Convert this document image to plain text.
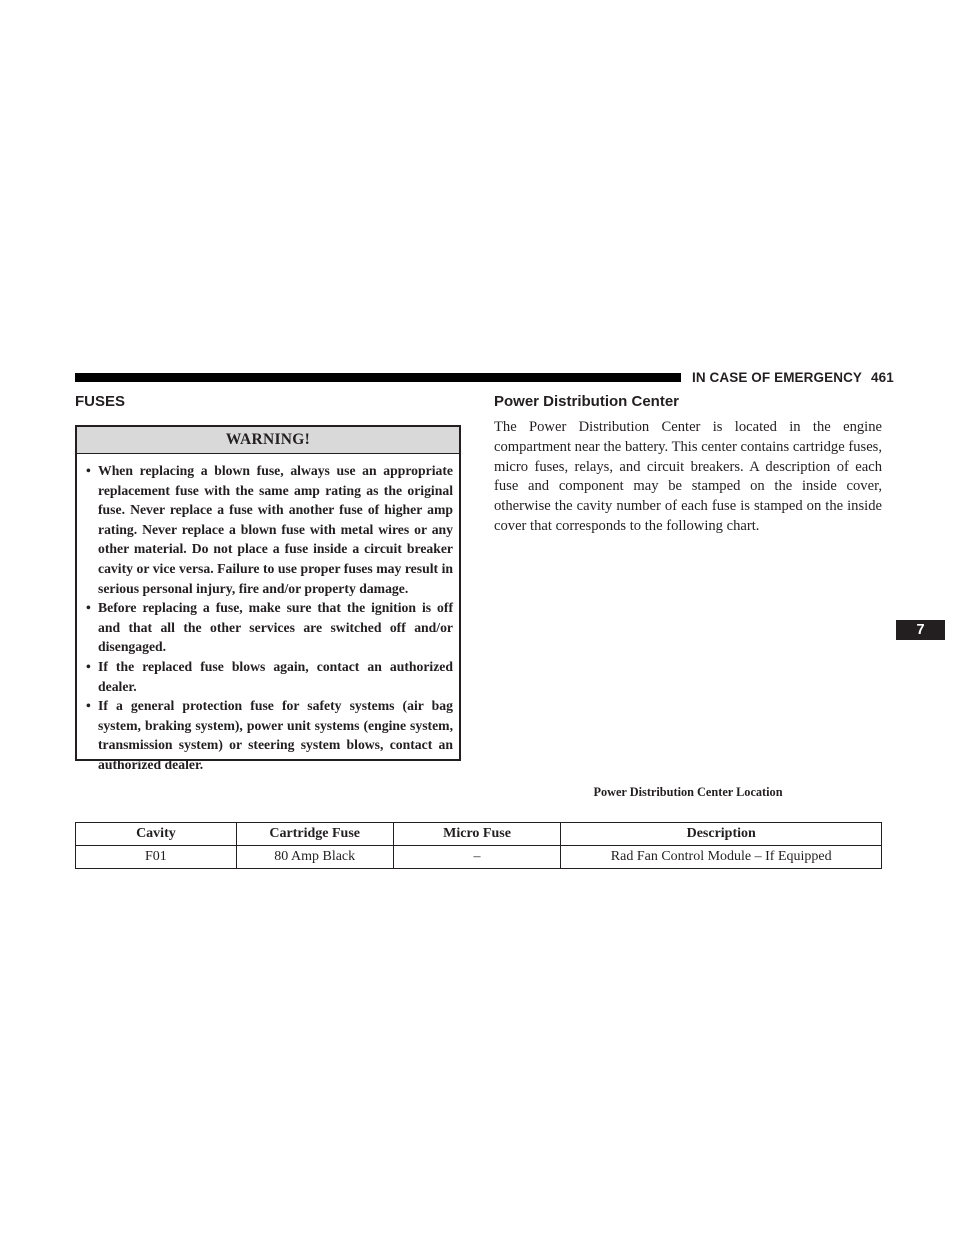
IN CASE OF EMERGENCY 461
FUSES
WARNING!
• When replacing a blown fuse, always use an appropriate replacement fuse with the same amp rating as the original fuse. Never replace a fuse with another fuse of higher amp rating. Never replace a blown fuse with metal wires or any other material. Do not place a fuse inside a circuit breaker cavity or vice versa. Failure to use proper fuses may result in serious personal injury, fire and/or property damage.
• Before replacing a fuse, make sure that the ignition is off and that all the other services are switched off and/or disengaged.
• If the replaced fuse blows again, contact an authorized dealer.
• If a general protection fuse for safety systems (air bag system, braking system), power unit systems (engine system, transmission system) or steering system blows, contact an authorized dealer.
Power Distribution Center

The Power Distribution Center is located in the engine compartment near the battery. This center contains cartridge fuses, micro fuses, relays, and circuit breakers. A description of each fuse and component may be stamped on the inside cover, otherwise the cavity number of each fuse is stamped on the inside cover that corresponds to the following chart.

Power Distribution Center Location
7
Cavity	Cartridge Fuse	Micro Fuse	Description
F01	80 Amp Black	–	Rad Fan Control Module – If Equipped
